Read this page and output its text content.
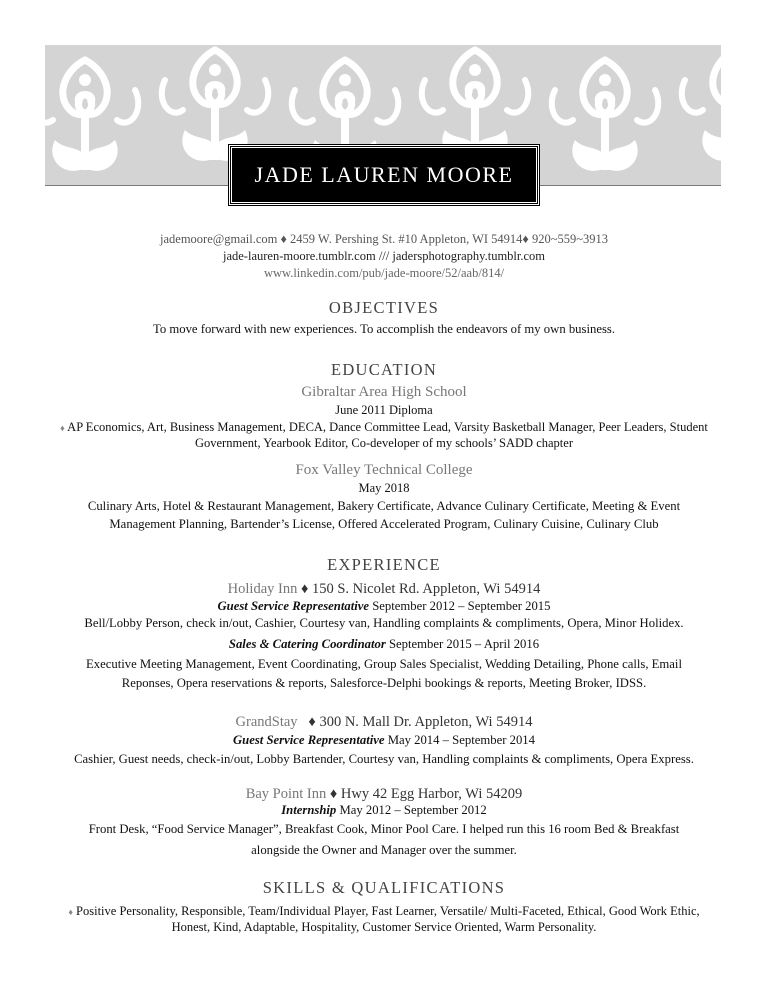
JADE LAUREN MOORE
jademoore@gmail.com ♦ 2459 W. Pershing St. #10 Appleton, WI 54914♦ 920~559~3913
jade-lauren-moore.tumblr.com /// jadersphotography.tumblr.com
www.linkedin.com/pub/jade-moore/52/aab/814/
OBJECTIVES
To move forward with new experiences. To accomplish the endeavors of my own business.
EDUCATION
Gibraltar Area High School
June 2011 Diploma
♦ AP Economics, Art, Business Management, DECA, Dance Committee Lead, Varsity Basketball Manager, Peer Leaders, Student
Government, Yearbook Editor, Co-developer of my schools’ SADD chapter
Fox Valley Technical College
May 2018
Culinary Arts, Hotel & Restaurant Management, Bakery Certificate, Advance Culinary Certificate, Meeting & Event
Management Planning, Bartender’s License, Offered Accelerated Program, Culinary Cuisine, Culinary Club
EXPERIENCE
Holiday Inn ♦ 150 S. Nicolet Rd. Appleton, Wi 54914
Guest Service Representative September 2012 – September 2015
Bell/Lobby Person, check in/out, Cashier, Courtesy van, Handling complaints & compliments, Opera, Minor Holidex.
Sales & Catering Coordinator September 2015 – April 2016
Executive Meeting Management, Event Coordinating, Group Sales Specialist, Wedding Detailing, Phone calls, Email
Reponses, Opera reservations & reports, Salesforce-Delphi bookings & reports, Meeting Broker, IDSS.
GrandStay ♦ 300 N. Mall Dr. Appleton, Wi 54914
Guest Service Representative May 2014 – September 2014
Cashier, Guest needs, check-in/out, Lobby Bartender, Courtesy van, Handling complaints & compliments, Opera Express.
Bay Point Inn ♦ Hwy 42 Egg Harbor, Wi 54209
Internship May 2012 – September 2012
Front Desk, “Food Service Manager”, Breakfast Cook, Minor Pool Care. I helped run this 16 room Bed & Breakfast
alongside the Owner and Manager over the summer.
SKILLS & QUALIFICATIONS
♦ Positive Personality, Responsible, Team/Individual Player, Fast Learner, Versatile/ Multi-Faceted, Ethical, Good Work Ethic,
Honest, Kind, Adaptable, Hospitality, Customer Service Oriented, Warm Personality.
